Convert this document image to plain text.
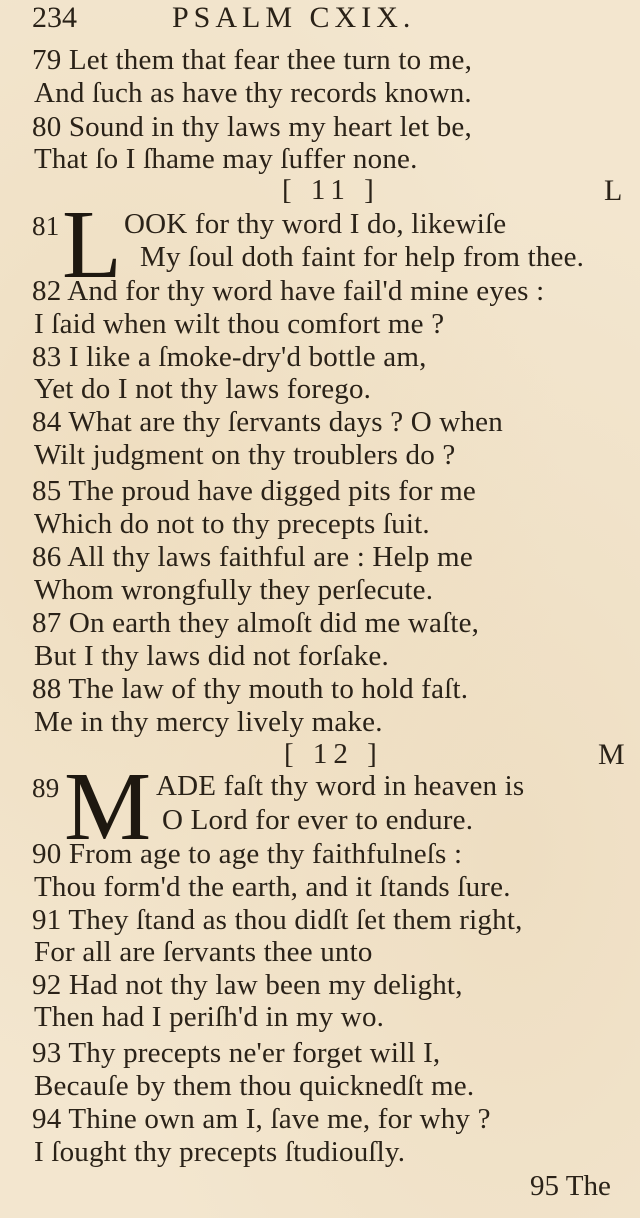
234	PSALM CXIX.
79 Let them that fear thee turn to me,
And ſuch as have thy records known.
80 Sound in thy laws my heart let be,
That ſo I ſhame may ſuffer none.
[ 11 ]	L
81 L OOK for thy word I do, likewiſe
My ſoul doth faint for help from thee.
82 And for thy word have fail'd mine eyes :
I ſaid when wilt thou comfort me ?
83 I like a ſmoke-dry'd bottle am,
Yet do I not thy laws forego.
84 What are thy ſervants days ? O when
Wilt judgment on thy troublers do ?
85 The proud have digged pits for me
Which do not to thy precepts ſuit.
86 All thy laws faithful are : Help me
Whom wrongfully they perſecute.
87 On earth they almoſt did me waſte,
But I thy laws did not forſake.
88 The law of thy mouth to hold faſt.
Me in thy mercy lively make.
[ 12 ]	M
89 M ADE faſt thy word in heaven is
O Lord for ever to endure.
90 From age to age thy faithfulneſs :
Thou form'd the earth, and it ſtands ſure.
91 They ſtand as thou didſt ſet them right,
For all are ſervants thee unto
92 Had not thy law been my delight,
Then had I periſh'd in my wo.
93 Thy precepts ne'er forget will I,
Becauſe by them thou quicknedſt me.
94 Thine own am I, ſave me, for why ?
I ſought thy precepts ſtudiouſly.
95 The
